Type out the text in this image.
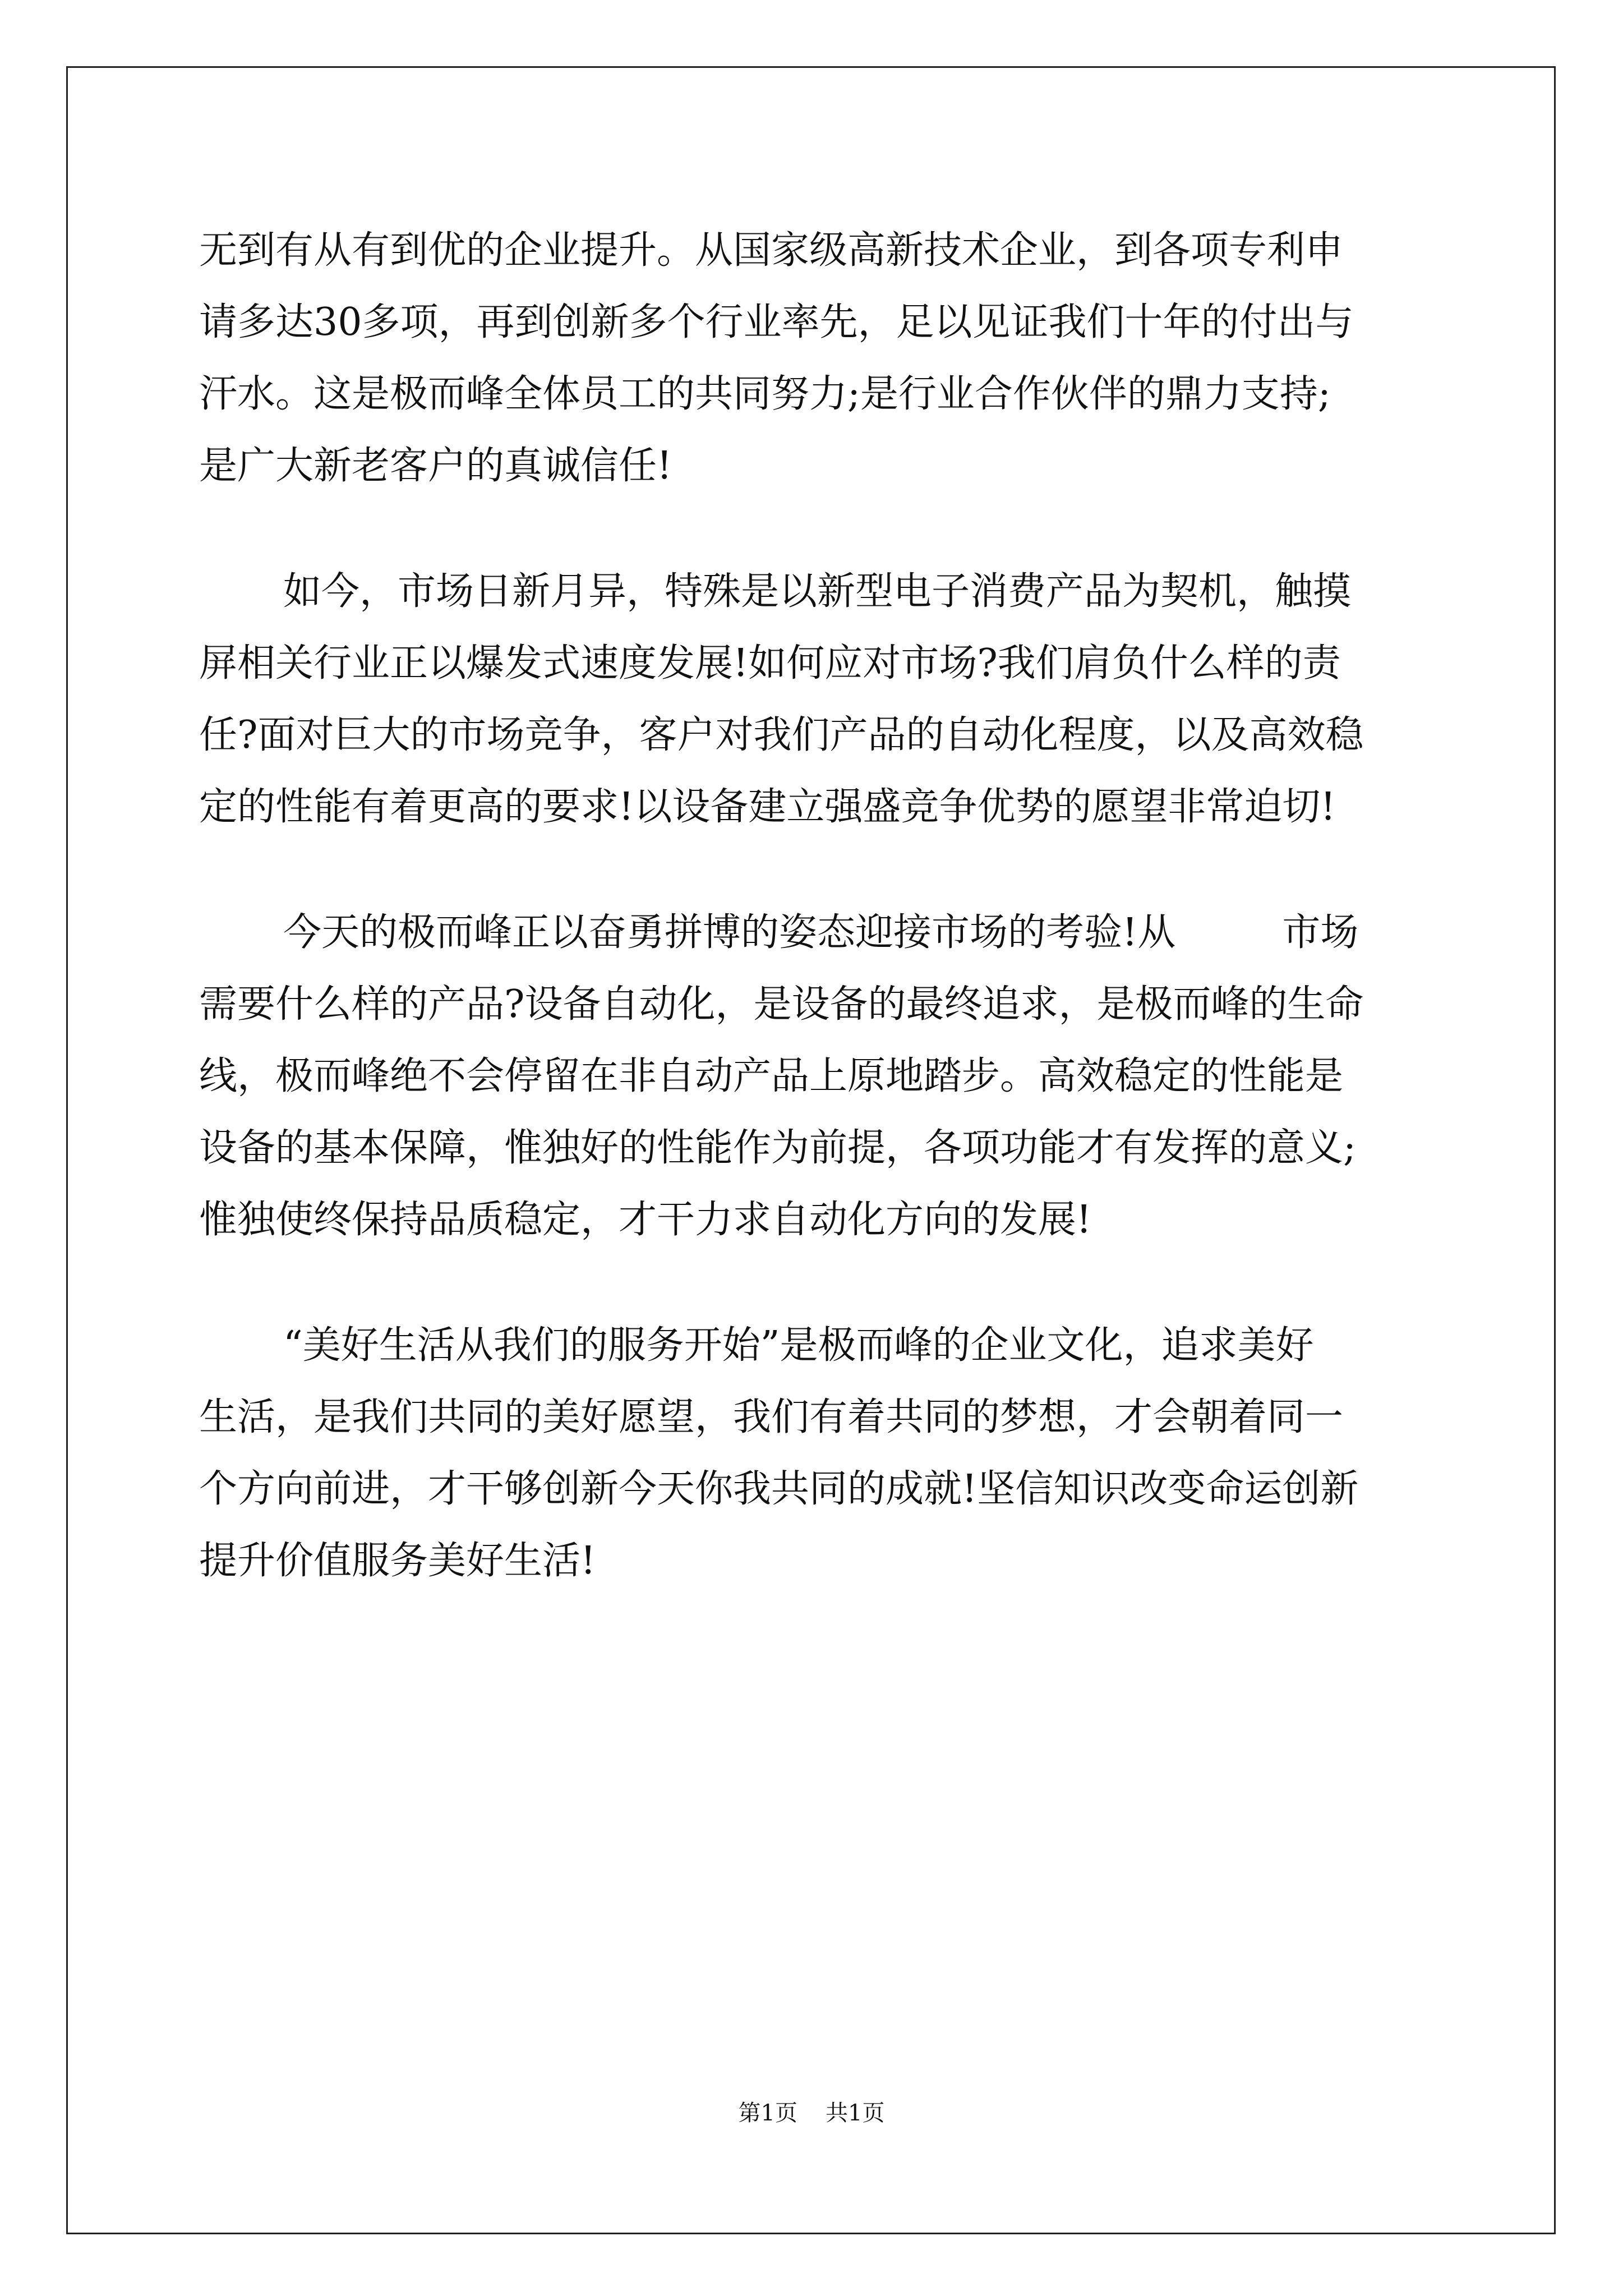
无到有从有到优的企业提升。从国家级高新技术企业，到各项专利申
请多达30多项，再到创新多个行业率先，足以见证我们十年的付出与
汗水。这是极而峰全体员工的共同努力;是行业合作伙伴的鼎力支持;
是广大新老客户的真诚信任!
如今，市场日新月异，特殊是以新型电子消费产品为契机，触摸
屏相关行业正以爆发式速度发展!如何应对市场?我们肩负什么样的责
任?面对巨大的市场竞争，客户对我们产品的自动化程度，以及高效稳
定的性能有着更高的要求!以设备建立强盛竞争优势的愿望非常迫切!
今天的极而峰正以奋勇拼博的姿态迎接市场的考验!从	市场
需要什么样的产品?设备自动化，是设备的最终追求，是极而峰的生命
线，极而峰绝不会停留在非自动产品上原地踏步。高效稳定的性能是
设备的基本保障，惟独好的性能作为前提，各项功能才有发挥的意义;
惟独使终保持品质稳定，才干力求自动化方向的发展!
“美好生活从我们的服务开始”是极而峰的企业文化，追求美好
生活，是我们共同的美好愿望，我们有着共同的梦想，才会朝着同一
个方向前进，才干够创新今天你我共同的成就!坚信知识改变命运创新
提升价值服务美好生活!
第1页 共1页
